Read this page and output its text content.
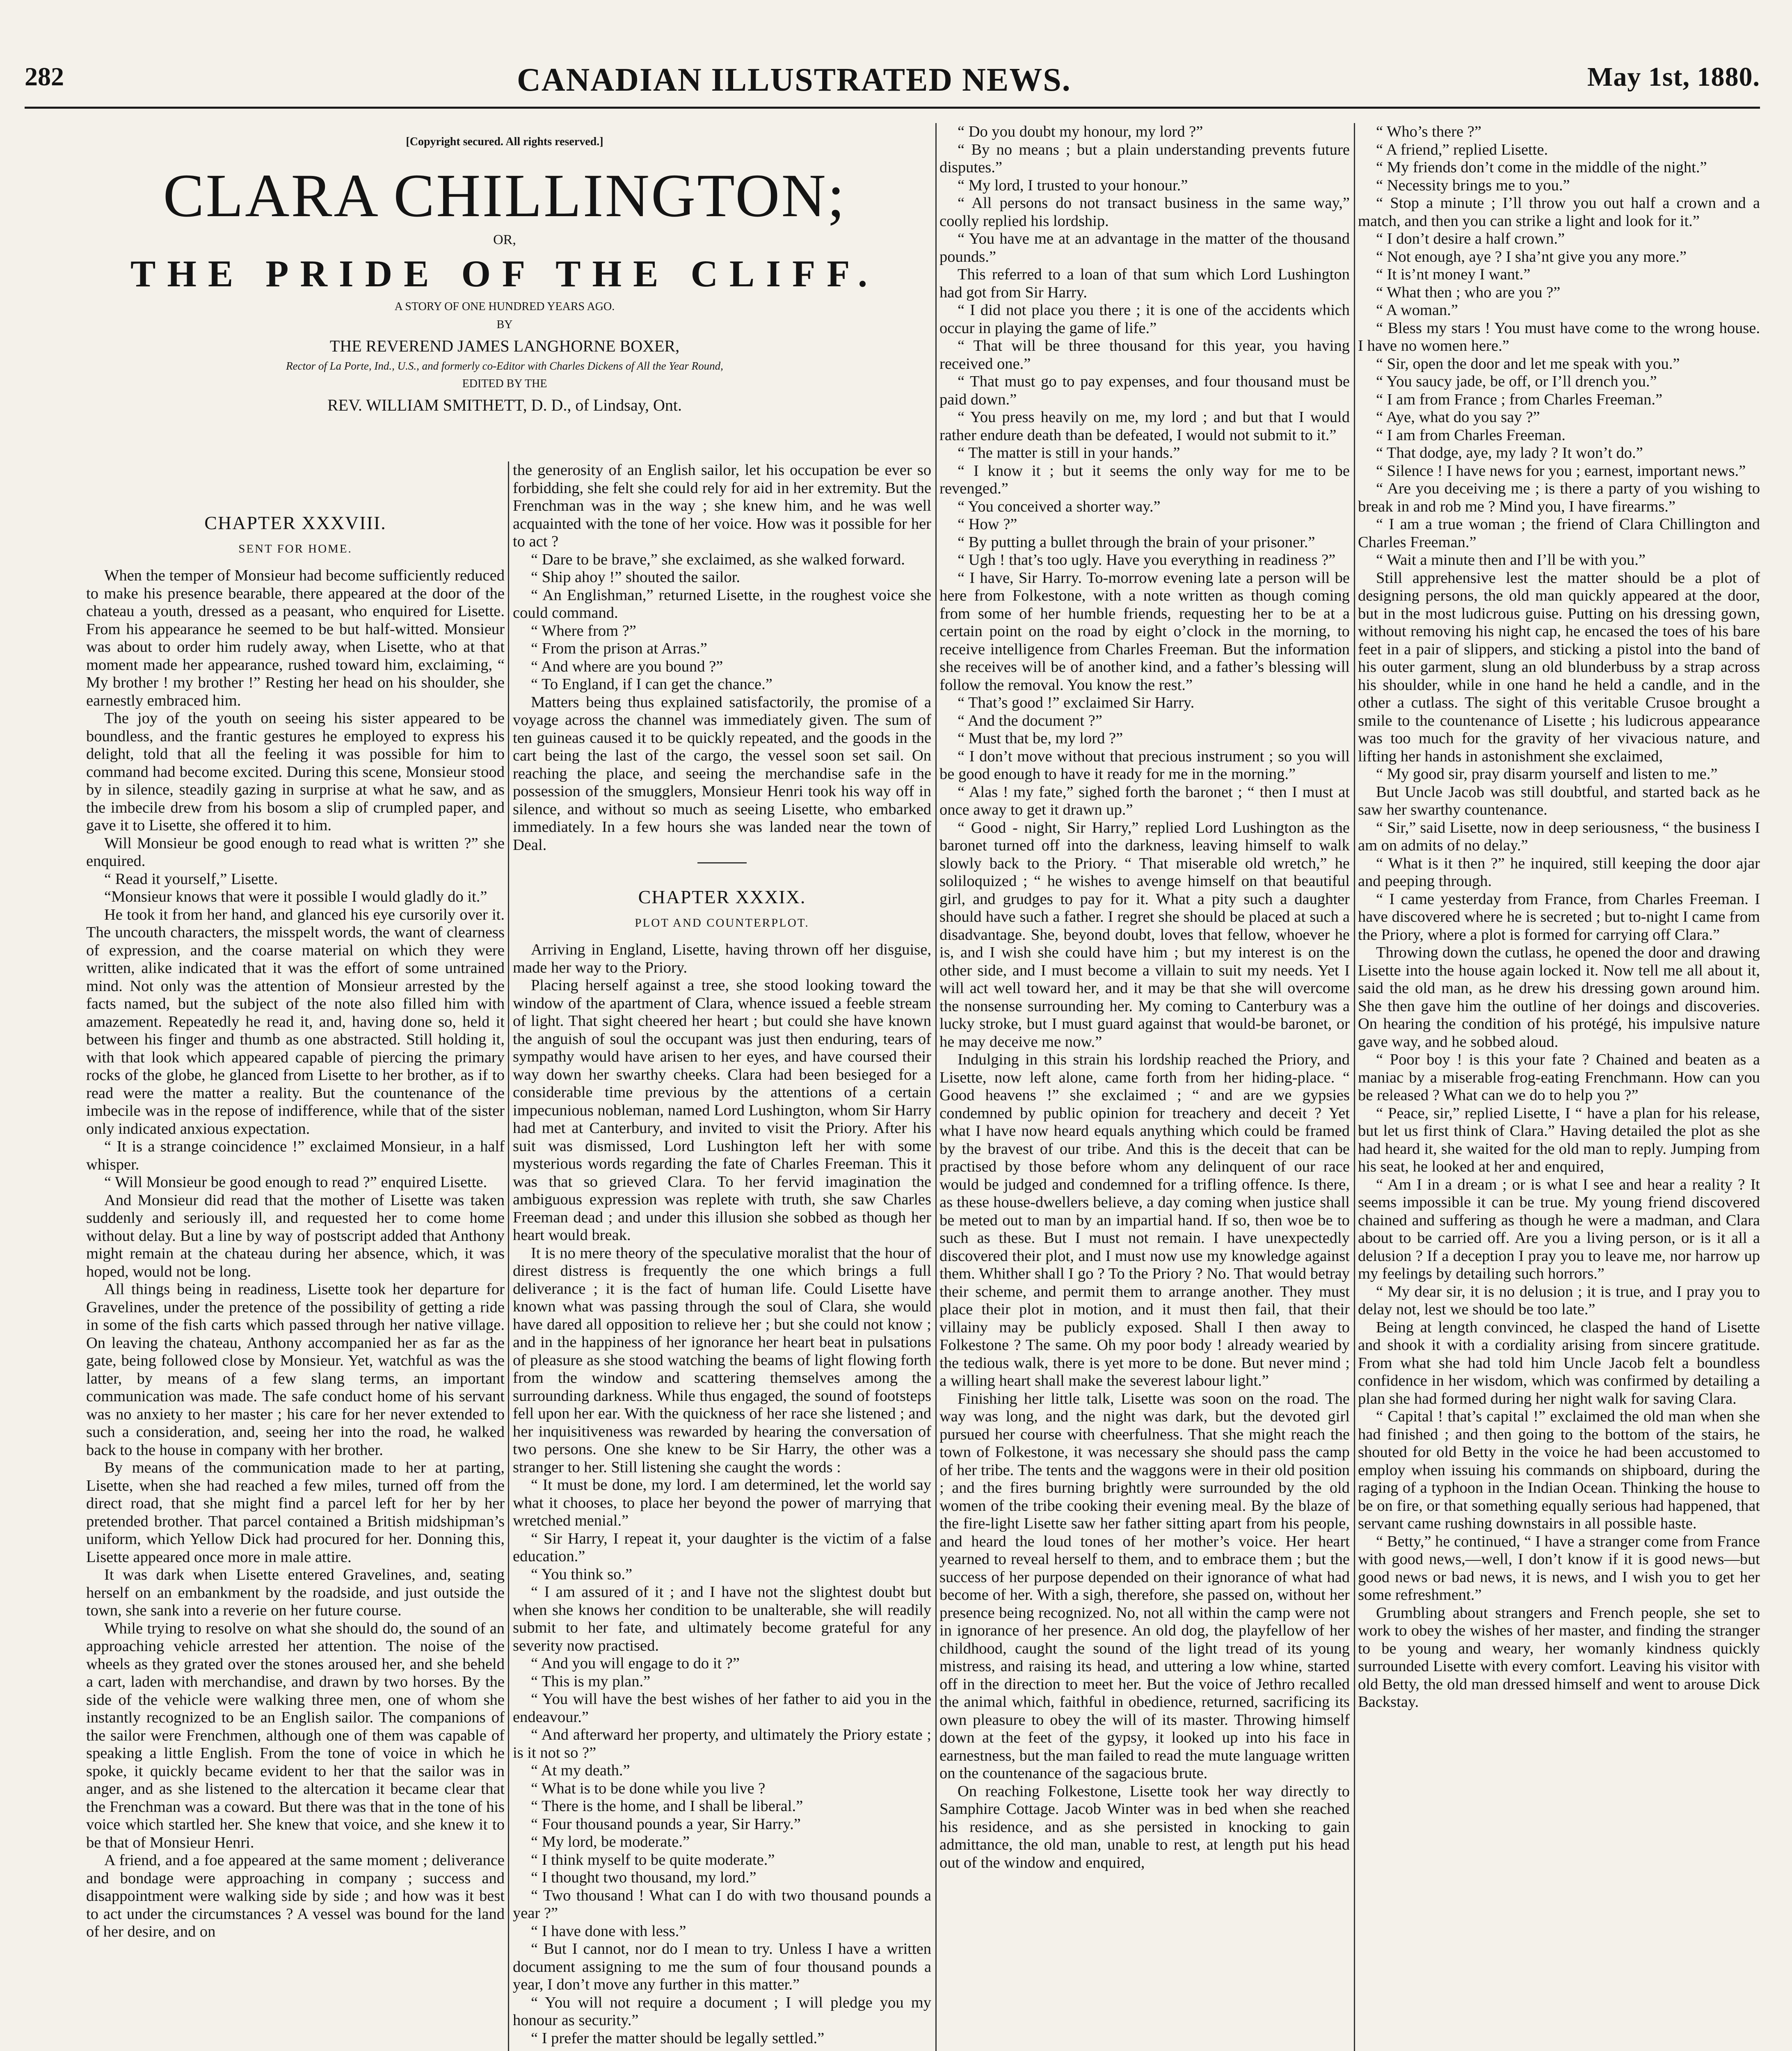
282	CANADIAN ILLUSTRATED NEWS.	May 1st, 1880.
[Copyright secured. All rights reserved.]
CLARA CHILLINGTON;
OR,
THE PRIDE OF THE CLIFF.
A STORY OF ONE HUNDRED YEARS AGO.
BY
THE REVEREND JAMES LANGHORNE BOXER,
Rector of La Porte, Ind., U.S., and formerly co-Editor with Charles Dickens of All the Year Round,
EDITED BY THE
REV. WILLIAM SMITHETT, D. D., of Lindsay, Ont.
CHAPTER XXXVIII.
SENT FOR HOME.

When the temper of Monsieur had become sufficiently reduced to make his presence bearable, there appeared at the door of the chateau a youth, dressed as a peasant, who enquired for Lisette. From his appearance he seemed to be but half-witted. Monsieur was about to order him rudely away, when Lisette, who at that moment made her appearance, rushed toward him, exclaiming, “ My brother ! my brother !” Resting her head on his shoulder, she earnestly embraced him.

The joy of the youth on seeing his sister appeared to be boundless, and the frantic gestures he employed to express his delight, told that all the feeling it was possible for him to command had become excited. During this scene, Monsieur stood by in silence, steadily gazing in surprise at what he saw, and as the imbecile drew from his bosom a slip of crumpled paper, and gave it to Lisette, she offered it to him.

Will Monsieur be good enough to read what is written ?” she enquired.

“ Read it yourself,” Lisette.

“Monsieur knows that were it possible I would gladly do it.”

He took it from her hand, and glanced his eye cursorily over it. The uncouth characters, the misspelt words, the want of clearness of expression, and the coarse material on which they were written, alike indicated that it was the effort of some untrained mind. Not only was the attention of Monsieur arrested by the facts named, but the subject of the note also filled him with amazement. Repeatedly he read it, and, having done so, held it between his finger and thumb as one abstracted. Still holding it, with that look which appeared capable of piercing the primary rocks of the globe, he glanced from Lisette to her brother, as if to read were the matter a reality. But the countenance of the imbecile was in the repose of indifference, while that of the sister only indicated anxious expectation.

“ It is a strange coincidence !” exclaimed Monsieur, in a half whisper.

“ Will Monsieur be good enough to read ?” enquired Lisette.

And Monsieur did read that the mother of Lisette was taken suddenly and seriously ill, and requested her to come home without delay. But a line by way of postscript added that Anthony might remain at the chateau during her absence, which, it was hoped, would not be long.

All things being in readiness, Lisette took her departure for Gravelines, under the pretence of the possibility of getting a ride in some of the fish carts which passed through her native village. On leaving the chateau, Anthony accompanied her as far as the gate, being followed close by Monsieur. Yet, watchful as was the latter, by means of a few slang terms, an important communication was made. The safe conduct home of his servant was no anxiety to her master ; his care for her never extended to such a consideration, and, seeing her into the road, he walked back to the house in company with her brother.

By means of the communication made to her at parting, Lisette, when she had reached a few miles, turned off from the direct road, that she might find a parcel left for her by her pretended brother. That parcel contained a British midshipman’s uniform, which Yellow Dick had procured for her. Donning this, Lisette appeared once more in male attire.

It was dark when Lisette entered Gravelines, and, seating herself on an embankment by the roadside, and just outside the town, she sank into a reverie on her future course.

While trying to resolve on what she should do, the sound of an approaching vehicle arrested her attention. The noise of the wheels as they grated over the stones aroused her, and she beheld a cart, laden with merchandise, and drawn by two horses. By the side of the vehicle were walking three men, one of whom she instantly recognized to be an English sailor. The companions of the sailor were Frenchmen, although one of them was capable of speaking a little English. From the tone of voice in which he spoke, it quickly became evident to her that the sailor was in anger, and as she listened to the altercation it became clear that the Frenchman was a coward. But there was that in the tone of his voice which startled her. She knew that voice, and she knew it to be that of Monsieur Henri.

A friend, and a foe appeared at the same moment ; deliverance and bondage were approaching in company ; success and disappointment were walking side by side ; and how was it best to act under the circumstances ? A vessel was bound for the land of her desire, and on

the generosity of an English sailor, let his occupation be ever so forbidding, she felt she could rely for aid in her extremity. But the Frenchman was in the way ; she knew him, and he was well acquainted with the tone of her voice. How was it possible for her to act ?

“ Dare to be brave,” she exclaimed, as she walked forward.

“ Ship ahoy !” shouted the sailor.

“ An Englishman,” returned Lisette, in the roughest voice she could command.

“ Where from ?”

“ From the prison at Arras.”

“ And where are you bound ?”

“ To England, if I can get the chance.”

Matters being thus explained satisfactorily, the promise of a voyage across the channel was immediately given. The sum of ten guineas caused it to be quickly repeated, and the goods in the cart being the last of the cargo, the vessel soon set sail. On reaching the place, and seeing the merchandise safe in the possession of the smugglers, Monsieur Henri took his way off in silence, and without so much as seeing Lisette, who embarked immediately. In a few hours she was landed near the town of Deal.

CHAPTER XXXIX.
PLOT AND COUNTERPLOT.

Arriving in England, Lisette, having thrown off her disguise, made her way to the Priory.

Placing herself against a tree, she stood looking toward the window of the apartment of Clara, whence issued a feeble stream of light. That sight cheered her heart ; but could she have known the anguish of soul the occupant was just then enduring, tears of sympathy would have arisen to her eyes, and have coursed their way down her swarthy cheeks. Clara had been besieged for a considerable time previous by the attentions of a certain impecunious nobleman, named Lord Lushington, whom Sir Harry had met at Canterbury, and invited to visit the Priory. After his suit was dismissed, Lord Lushington left her with some mysterious words regarding the fate of Charles Freeman. This it was that so grieved Clara. To her fervid imagination the ambiguous expression was replete with truth, she saw Charles Freeman dead ; and under this illusion she sobbed as though her heart would break.

It is no mere theory of the speculative moralist that the hour of direst distress is frequently the one which brings a full deliverance ; it is the fact of human life. Could Lisette have known what was passing through the soul of Clara, she would have dared all opposition to relieve her ; but she could not know ; and in the happiness of her ignorance her heart beat in pulsations of pleasure as she stood watching the beams of light flowing forth from the window and scattering themselves among the surrounding darkness. While thus engaged, the sound of footsteps fell upon her ear. With the quickness of her race she listened ; and her inquisitiveness was rewarded by hearing the conversation of two persons. One she knew to be Sir Harry, the other was a stranger to her. Still listening she caught the words :

“ It must be done, my lord. I am determined, let the world say what it chooses, to place her beyond the power of marrying that wretched menial.”

“ Sir Harry, I repeat it, your daughter is the victim of a false education.”

“ You think so.”

“ I am assured of it ; and I have not the slightest doubt but when she knows her condition to be unalterable, she will readily submit to her fate, and ultimately become grateful for any severity now practised.

“ And you will engage to do it ?”

“ This is my plan.”

“ You will have the best wishes of her father to aid you in the endeavour.”

“ And afterward her property, and ultimately the Priory estate ; is it not so ?”

“ At my death.”

“ What is to be done while you live ?

“ There is the home, and I shall be liberal.”

“ Four thousand pounds a year, Sir Harry.”

“ My lord, be moderate.”

“ I think myself to be quite moderate.”

“ I thought two thousand, my lord.”

“ Two thousand ! What can I do with two thousand pounds a year ?”

“ I have done with less.”

“ But I cannot, nor do I mean to try. Unless I have a written document assigning to me the sum of four thousand pounds a year, I don’t move any further in this matter.”

“ You will not require a document ; I will pledge you my honour as security.”

“ I prefer the matter should be legally settled.”

“ Do you doubt my honour, my lord ?”

“ By no means ; but a plain understanding prevents future disputes.”

“ My lord, I trusted to your honour.”

“ All persons do not transact business in the same way,” coolly replied his lordship.

“ You have me at an advantage in the matter of the thousand pounds.”

This referred to a loan of that sum which Lord Lushington had got from Sir Harry.

“ I did not place you there ; it is one of the accidents which occur in playing the game of life.”

“ That will be three thousand for this year, you having received one.”

“ That must go to pay expenses, and four thousand must be paid down.”

“ You press heavily on me, my lord ; and but that I would rather endure death than be defeated, I would not submit to it.”

“ The matter is still in your hands.”

“ I know it ; but it seems the only way for me to be revenged.”

“ You conceived a shorter way.”

“ How ?”

“ By putting a bullet through the brain of your prisoner.”

“ Ugh ! that’s too ugly. Have you everything in readiness ?”

“ I have, Sir Harry. To-morrow evening late a person will be here from Folkestone, with a note written as though coming from some of her humble friends, requesting her to be at a certain point on the road by eight o’clock in the morning, to receive intelligence from Charles Freeman. But the information she receives will be of another kind, and a father’s blessing will follow the removal. You know the rest.”

“ That’s good !” exclaimed Sir Harry.

“ And the document ?”

“ Must that be, my lord ?”

“ I don’t move without that precious instrument ; so you will be good enough to have it ready for me in the morning.”

“ Alas ! my fate,” sighed forth the baronet ; “ then I must at once away to get it drawn up.”

“ Good - night, Sir Harry,” replied Lord Lushington as the baronet turned off into the darkness, leaving himself to walk slowly back to the Priory. “ That miserable old wretch,” he soliloquized ; “ he wishes to avenge himself on that beautiful girl, and grudges to pay for it. What a pity such a daughter should have such a father. I regret she should be placed at such a disadvantage. She, beyond doubt, loves that fellow, whoever he is, and I wish she could have him ; but my interest is on the other side, and I must become a villain to suit my needs. Yet I will act well toward her, and it may be that she will overcome the nonsense surrounding her. My coming to Canterbury was a lucky stroke, but I must guard against that would-be baronet, or he may deceive me now.”

Indulging in this strain his lordship reached the Priory, and Lisette, now left alone, came forth from her hiding-place. “ Good heavens !” she exclaimed ; “ and are we gypsies condemned by public opinion for treachery and deceit ? Yet what I have now heard equals anything which could be framed by the bravest of our tribe. And this is the deceit that can be practised by those before whom any delinquent of our race would be judged and condemned for a trifling offence. Is there, as these house-dwellers believe, a day coming when justice shall be meted out to man by an impartial hand. If so, then woe be to such as these. But I must not remain. I have unexpectedly discovered their plot, and I must now use my knowledge against them. Whither shall I go ? To the Priory ? No. That would betray their scheme, and permit them to arrange another. They must place their plot in motion, and it must then fail, that their villainy may be publicly exposed. Shall I then away to Folkestone ? The same. Oh my poor body ! already wearied by the tedious walk, there is yet more to be done. But never mind ; a willing heart shall make the severest labour light.”

Finishing her little talk, Lisette was soon on the road. The way was long, and the night was dark, but the devoted girl pursued her course with cheerfulness. That she might reach the town of Folkestone, it was necessary she should pass the camp of her tribe. The tents and the waggons were in their old position ; and the fires burning brightly were surrounded by the old women of the tribe cooking their evening meal. By the blaze of the fire-light Lisette saw her father sitting apart from his people, and heard the loud tones of her mother’s voice. Her heart yearned to reveal herself to them, and to embrace them ; but the success of her purpose depended on their ignorance of what had become of her. With a sigh, therefore, she passed on, without her presence being recognized. No, not all within the camp were not in ignorance of her presence. An old dog, the playfellow of her childhood, caught the sound of the light tread of its young mistress, and raising its head, and uttering a low whine, started off in the direction to meet her. But the voice of Jethro recalled the animal which, faithful in obedience, returned, sacrificing its own pleasure to obey the will of its master. Throwing himself down at the feet of the gypsy, it looked up into his face in earnestness, but the man failed to read the mute language written on the countenance of the sagacious brute.

On reaching Folkestone, Lisette took her way directly to Samphire Cottage. Jacob Winter was in bed when she reached his residence, and as she persisted in knocking to gain admittance, the old man, unable to rest, at length put his head out of the window and enquired,

“ Who’s there ?”

“ A friend,” replied Lisette.

“ My friends don’t come in the middle of the night.”

“ Necessity brings me to you.”

“ Stop a minute ; I’ll throw you out half a crown and a match, and then you can strike a light and look for it.”

“ I don’t desire a half crown.”

“ Not enough, aye ? I sha’nt give you any more.”

“ It is’nt money I want.”

“ What then ; who are you ?”

“ A woman.”

“ Bless my stars ! You must have come to the wrong house. I have no women here.”

“ Sir, open the door and let me speak with you.”

“ You saucy jade, be off, or I’ll drench you.”

“ I am from France ; from Charles Freeman.”

“ Aye, what do you say ?”

“ I am from Charles Freeman.

“ That dodge, aye, my lady ? It won’t do.”

“ Silence ! I have news for you ; earnest, important news.”

“ Are you deceiving me ; is there a party of you wishing to break in and rob me ? Mind you, I have firearms.”

“ I am a true woman ; the friend of Clara Chillington and Charles Freeman.”

“ Wait a minute then and I’ll be with you.”

Still apprehensive lest the matter should be a plot of designing persons, the old man quickly appeared at the door, but in the most ludicrous guise. Putting on his dressing gown, without removing his night cap, he encased the toes of his bare feet in a pair of slippers, and sticking a pistol into the band of his outer garment, slung an old blunderbuss by a strap across his shoulder, while in one hand he held a candle, and in the other a cutlass. The sight of this veritable Crusoe brought a smile to the countenance of Lisette ; his ludicrous appearance was too much for the gravity of her vivacious nature, and lifting her hands in astonishment she exclaimed,

“ My good sir, pray disarm yourself and listen to me.”

But Uncle Jacob was still doubtful, and started back as he saw her swarthy countenance.

“ Sir,” said Lisette, now in deep seriousness, “ the business I am on admits of no delay.”

“ What is it then ?” he inquired, still keeping the door ajar and peeping through.

“ I came yesterday from France, from Charles Freeman. I have discovered where he is secreted ; but to-night I came from the Priory, where a plot is formed for carrying off Clara.”

Throwing down the cutlass, he opened the door and drawing Lisette into the house again locked it. Now tell me all about it, said the old man, as he drew his dressing gown around him. She then gave him the outline of her doings and discoveries. On hearing the condition of his protégé, his impulsive nature gave way, and he sobbed aloud.

“ Poor boy ! is this your fate ? Chained and beaten as a maniac by a miserable frog-eating Frenchmann. How can you be released ? What can we do to help you ?”

“ Peace, sir,” replied Lisette, I “ have a plan for his release, but let us first think of Clara.” Having detailed the plot as she had heard it, she waited for the old man to reply. Jumping from his seat, he looked at her and enquired,

“ Am I in a dream ; or is what I see and hear a reality ? It seems impossible it can be true. My young friend discovered chained and suffering as though he were a madman, and Clara about to be carried off. Are you a living person, or is it all a delusion ? If a deception I pray you to leave me, nor harrow up my feelings by detailing such horrors.”

“ My dear sir, it is no delusion ; it is true, and I pray you to delay not, lest we should be too late.”

Being at length convinced, he clasped the hand of Lisette and shook it with a cordiality arising from sincere gratitude. From what she had told him Uncle Jacob felt a boundless confidence in her wisdom, which was confirmed by detailing a plan she had formed during her night walk for saving Clara.

“ Capital ! that’s capital !” exclaimed the old man when she had finished ; and then going to the bottom of the stairs, he shouted for old Betty in the voice he had been accustomed to employ when issuing his commands on shipboard, during the raging of a typhoon in the Indian Ocean. Thinking the house to be on fire, or that something equally serious had happened, that servant came rushing downstairs in all possible haste.

“ Betty,” he continued, “ I have a stranger come from France with good news,—well, I don’t know if it is good news—but good news or bad news, it is news, and I wish you to get her some refreshment.”

Grumbling about strangers and French people, she set to work to obey the wishes of her master, and finding the stranger to be young and weary, her womanly kindness quickly surrounded Lisette with every comfort. Leaving his visitor with old Betty, the old man dressed himself and went to arouse Dick Backstay.
